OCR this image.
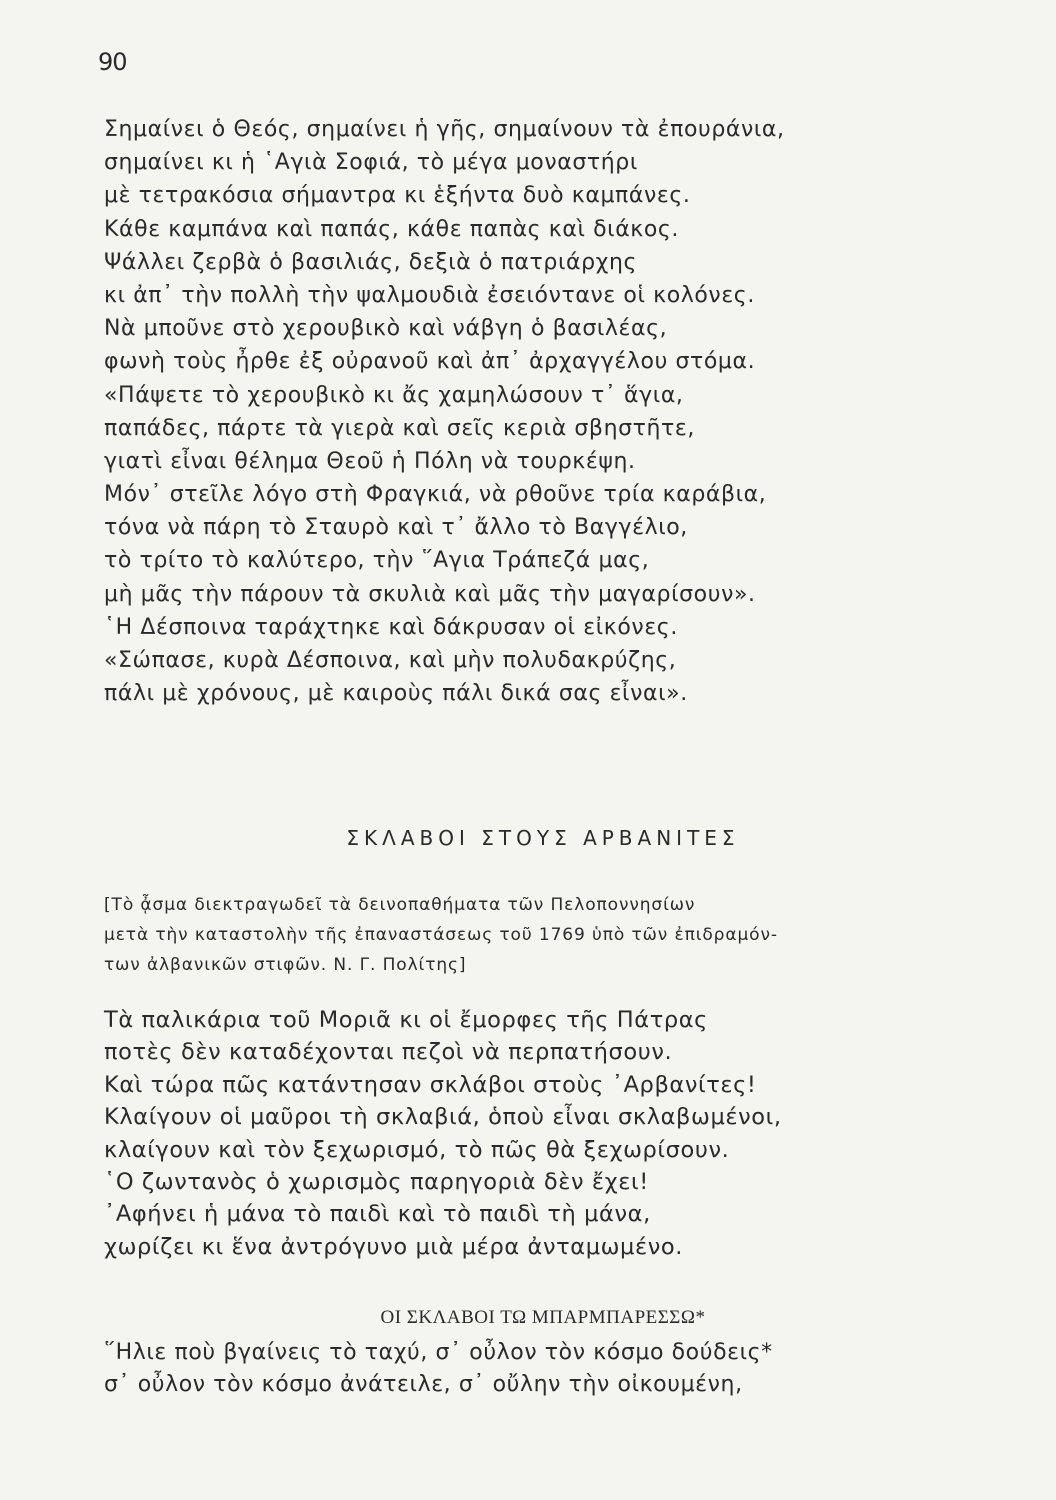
90
Σημαίνει ὁ Θεός, σημαίνει ἡ γῆς, σημαίνουν τὰ ἐπουράνια,
σημαίνει κι ἡ ῾Αγιὰ Σοφιά, τὸ μέγα μοναστήρι
μὲ τετρακόσια σήμαντρα κι ἑξήντα δυὸ καμπάνες.
Κάθε καμπάνα καὶ παπάς, κάθε παπὰς καὶ διάκος.
Ψάλλει ζερβὰ ὁ βασιλιάς, δεξιὰ ὁ πατριάρχης
κι ἀπ᾽ τὴν πολλὴ τὴν ψαλμουδιὰ ἐσειόντανε οἱ κολόνες.
Νὰ μποῦνε στὸ χερουβικὸ καὶ νάβγη ὁ βασιλέας,
φωνὴ τοὺς ἦρθε ἐξ οὐρανοῦ καὶ ἀπ᾽ ἀρχαγγέλου στόμα.
«Πάψετε τὸ χερουβικὸ κι ἄς χαμηλώσουν τ᾽ ἅγια,
παπάδες, πάρτε τὰ γιερὰ καὶ σεῖς κεριὰ σβηστῆτε,
γιατὶ εἶναι θέλημα Θεοῦ ἡ Πόλη νὰ τουρκέψη.
Μόν᾽ στεῖλε λόγο στὴ Φραγκιά, νὰ ρθοῦνε τρία καράβια,
τόνα νὰ πάρη τὸ Σταυρὸ καὶ τ᾽ ἄλλο τὸ Βαγγέλιο,
τὸ τρίτο τὸ καλύτερο, τὴν ῞Αγια Τράπεζά μας,
μὴ μᾶς τὴν πάρουν τὰ σκυλιὰ καὶ μᾶς τὴν μαγαρίσουν».
῾Η Δέσποινα ταράχτηκε καὶ δάκρυσαν οἱ εἰκόνες.
«Σώπασε, κυρὰ Δέσποινα, καὶ μὴν πολυδακρύζης,
πάλι μὲ χρόνους, μὲ καιροὺς πάλι δικά σας εἶναι».
ΣΚΛΑΒΟΙ ΣΤΟΥΣ ΑΡΒΑΝΙΤΕΣ
[Τὸ ᾆσμα διεκτραγωδεῖ τὰ δεινοπαθήματα τῶν Πελοποννησίων
μετὰ τὴν καταστολὴν τῆς ἐπαναστάσεως τοῦ 1769 ὑπὸ τῶν ἐπιδραμόν-
των ἀλβανικῶν στιφῶν. Ν. Γ. Πολίτης]
Τὰ παλικάρια τοῦ Μοριᾶ κι οἱ ἔμορφες τῆς Πάτρας
ποτὲς δὲν καταδέχονται πεζοὶ νὰ περπατήσουν.
Καὶ τώρα πῶς κατάντησαν σκλάβοι στοὺς ᾿Αρβανίτες!
Κλαίγουν οἱ μαῦροι τὴ σκλαβιά, ὁποὺ εἶναι σκλαβωμένοι,
κλαίγουν καὶ τὸν ξεχωρισμό, τὸ πῶς θὰ ξεχωρίσουν.
῾Ο ζωντανὸς ὁ χωρισμὸς παρηγοριὰ δὲν ἔχει!
᾿Αφήνει ἡ μάνα τὸ παιδὶ καὶ τὸ παιδὶ τὴ μάνα,
χωρίζει κι ἕνα ἀντρόγυνο μιὰ μέρα ἀνταμωμένο.
ΟΙ ΣΚΛΑΒΟΙ ΤΩ ΜΠΑΡΜΠΑΡΕΣΣΩ*
῞Ηλιε ποὺ βγαίνεις τὸ ταχύ, σ᾽ οὖλον τὸν κόσμο δούδεις*
σ᾽ οὖλον τὸν κόσμο ἀνάτειλε, σ᾽ οὔλην τὴν οἰκουμένη,
